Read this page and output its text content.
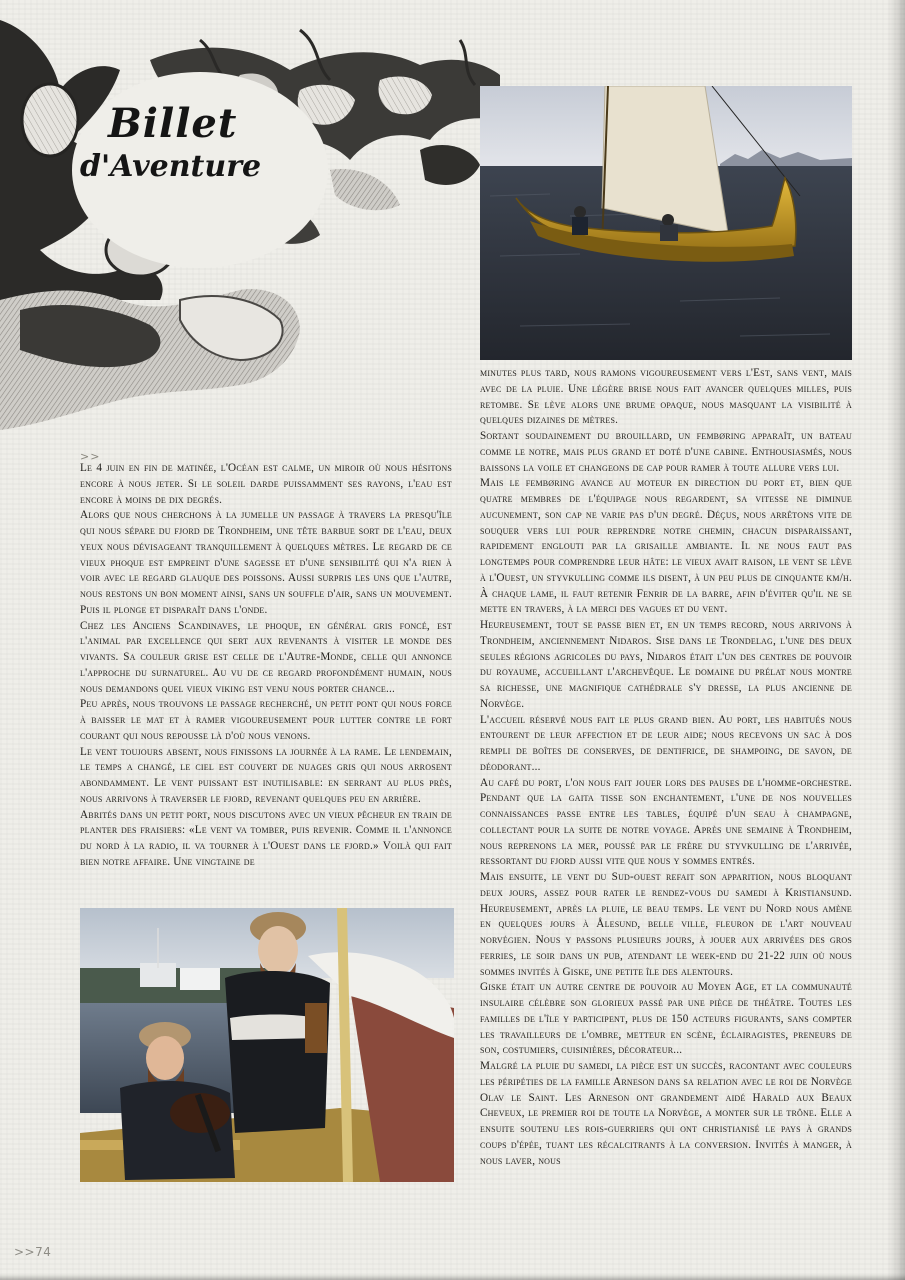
Billet
d'Aventure
>>

Le 4 juin en fin de matinée, l'Océan est calme, un miroir où nous hésitons encore à nous jeter. Si le soleil darde puissamment ses rayons, l'eau est encore à moins de dix degrés.

Alors que nous cherchons à la jumelle un passage à travers la presqu'île qui nous sépare du fjord de Trondheim, une tête barbue sort de l'eau, deux yeux nous dévisageant tranquillement à quelques mètres. Le regard de ce vieux phoque est empreint d'une sagesse et d'une sensibilité qui n'a rien à voir avec le regard glauque des poissons. Aussi surpris les uns que l'autre, nous restons un bon moment ainsi, sans un souffle d'air, sans un mouvement. Puis il plonge et disparaît dans l'onde.

Chez les Anciens Scandinaves, le phoque, en général gris foncé, est l'animal par excellence qui sert aux revenants à visiter le monde des vivants. Sa couleur grise est celle de l'Autre-Monde, celle qui annonce l'approche du surnaturel. Au vu de ce regard profondément humain, nous nous demandons quel vieux viking est venu nous porter chance...

Peu après, nous trouvons le passage recherché, un petit pont qui nous force à baisser le mat et à ramer vigoureusement pour lutter contre le fort courant qui nous repousse là d'où nous venons.

Le vent toujours absent, nous finissons la journée à la rame. Le lendemain, le temps a changé, le ciel est couvert de nuages gris qui nous arrosent abondamment. Le vent puissant est inutilisable: en serrant au plus près, nous arrivons à traverser le fjord, revenant quelques peu en arrière.

Abrités dans un petit port, nous discutons avec un vieux pêcheur en train de planter des fraisiers: «Le vent va tomber, puis revenir. Comme il l'annonce du nord à la radio, il va tourner à l'Ouest dans le fjord.» Voilà qui fait bien notre affaire. Une vingtaine de

minutes plus tard, nous ramons vigoureusement vers l'Est, sans vent, mais avec de la pluie. Une légère brise nous fait avancer quelques milles, puis retombe. Se lève alors une brume opaque, nous masquant la visibilité à quelques dizaines de mètres.

Sortant soudainement du brouillard, un fembøring apparaît, un bateau comme le notre, mais plus grand et doté d'une cabine. Enthousiasmés, nous baissons la voile et changeons de cap pour ramer à toute allure vers lui.

Mais le fembøring avance au moteur en direction du port et, bien que quatre membres de l'équipage nous regardent, sa vitesse ne diminue aucunement, son cap ne varie pas d'un degré. Déçus, nous arrêtons vite de souquer vers lui pour reprendre notre chemin, chacun disparaissant, rapidement englouti par la grisaille ambiante. Il ne nous faut pas longtemps pour comprendre leur hâte: le vieux avait raison, le vent se lève à l'Ouest, un styvkulling comme ils disent, à un peu plus de cinquante km/h. À chaque lame, il faut retenir Fenrir de la barre, afin d'éviter qu'il ne se mette en travers, à la merci des vagues et du vent.

Heureusement, tout se passe bien et, en un temps record, nous arrivons à Trondheim, anciennement Nidaros. Sise dans le Trondelag, l'une des deux seules régions agricoles du pays, Nidaros était l'un des centres de pouvoir du royaume, accueillant l'archevêque. Le domaine du prélat nous montre sa richesse, une magnifique cathédrale s'y dresse, la plus ancienne de Norvège.

L'accueil réservé nous fait le plus grand bien. Au port, les habitués nous entourent de leur affection et de leur aide; nous recevons un sac à dos rempli de boîtes de conserves, de dentifrice, de shampoing, de savon, de déodorant...

Au café du port, l'on nous fait jouer lors des pauses de l'homme-orchestre. Pendant que la gaita tisse son enchantement, l'une de nos nouvelles connaissances passe entre les tables, équipé d'un seau à champagne, collectant pour la suite de notre voyage. Après une semaine à Trondheim, nous reprenons la mer, poussé par le frère du styvkulling de l'arrivée, ressortant du fjord aussi vite que nous y sommes entrés.

Mais ensuite, le vent du Sud-ouest refait son apparition, nous bloquant deux jours, assez pour rater le rendez-vous du samedi à Kristiansund. Heureusement, après la pluie, le beau temps. Le vent du Nord nous amène en quelques jours à Ålesund, belle ville, fleuron de l'art nouveau norvégien. Nous y passons plusieurs jours, à jouer aux arrivées des gros ferries, le soir dans un pub, atendant le week-end du 21-22 juin où nous sommes invités à Giske, une petite île des alentours.

Giske était un autre centre de pouvoir au Moyen Age, et la communauté insulaire célèbre son glorieux passé par une pièce de théâtre. Toutes les familles de l'île y participent, plus de 150 acteurs figurants, sans compter les travailleurs de l'ombre, metteur en scène, éclairagistes, preneurs de son, costumiers, cuisinières, décorateur...

Malgré la pluie du samedi, la pièce est un succès, racontant avec couleurs les péripéties de la famille Arneson dans sa relation avec le roi de Norvège Olav le Saint. Les Arneson ont grandement aidé Harald aux Beaux Cheveux, le premier roi de toute la Norvège, a monter sur le trône. Elle a ensuite soutenu les rois-guerriers qui ont christianisé le pays à grands coups d'épée, tuant les récalcitrants à la conversion. Invités à manger, à nous laver, nous

>>74
